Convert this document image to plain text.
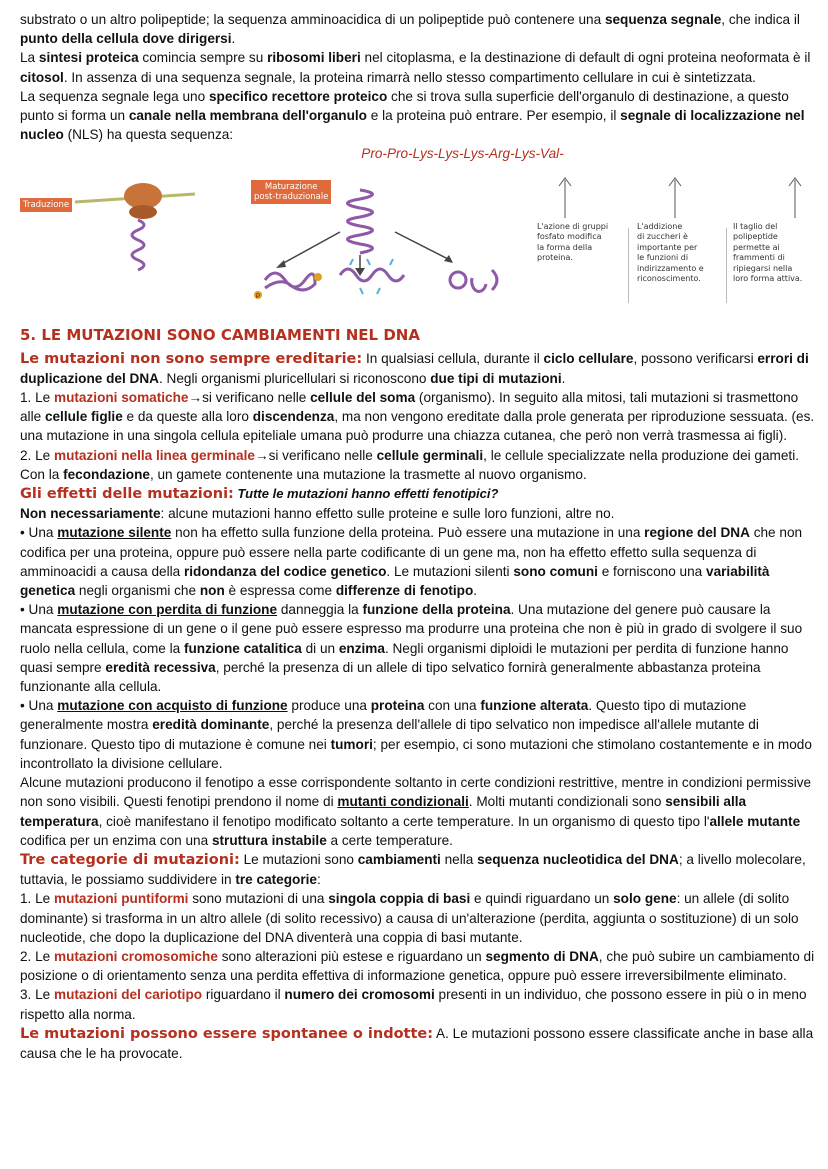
substrato o un altro polipeptide; la sequenza amminoacidica di un polipeptide può contenere una sequenza segnale, che indica il punto della cellula dove dirigersi.

La sintesi proteica comincia sempre su ribosomi liberi nel citoplasma, e la destinazione di default di ogni proteina neoformata è il citosol. In assenza di una sequenza segnale, la proteina rimarrà nello stesso compartimento cellulare in cui è sintetizzata.

La sequenza segnale lega uno specifico recettore proteico che si trova sulla superficie dell'organulo di destinazione, a questo punto si forma un canale nella membrana dell'organulo e la proteina può entrare. Per esempio, il segnale di localizzazione nel nucleo (NLS) ha questa sequenza:

Pro-Pro-Lys-Lys-Lys-Arg-Lys-Val-

Traduzione
Maturazione
post-traduzionale
P
L'azione di gruppi
fosfato modifica
la forma della
proteina.
L'addizione
di zuccheri è
importante per
le funzioni di
indirizzamento e
riconoscimento.
Il taglio del
polipeptide
permette ai
frammenti di
ripiegarsi nella
loro forma attiva.
5. LE MUTAZIONI SONO CAMBIAMENTI NEL DNA

Le mutazioni non sono sempre ereditarie: In qualsiasi cellula, durante il ciclo cellulare, possono verificarsi errori di duplicazione del DNA. Negli organismi pluricellulari si riconoscono due tipi di mutazioni.

1. Le mutazioni somatiche→si verificano nelle cellule del soma (organismo). In seguito alla mitosi, tali mutazioni si trasmettono alle cellule figlie e da queste alla loro discendenza, ma non vengono ereditate dalla prole generata per riproduzione sessuata. (es. una mutazione in una singola cellula epiteliale umana può produrre una chiazza cutanea, che però non verrà trasmessa ai figli).

2. Le mutazioni nella linea germinale→si verificano nelle cellule germinali, le cellule specializzate nella produzione dei gameti. Con la fecondazione, un gamete contenente una mutazione la trasmette al nuovo organismo.

Gli effetti delle mutazioni: Tutte le mutazioni hanno effetti fenotipici?

Non necessariamente: alcune mutazioni hanno effetto sulle proteine e sulle loro funzioni, altre no.

• Una mutazione silente non ha effetto sulla funzione della proteina. Può essere una mutazione in una regione del DNA che non codifica per una proteina, oppure può essere nella parte codificante di un gene ma, non ha effetto effetto sulla sequenza di amminoacidi a causa della ridondanza del codice genetico. Le mutazioni silenti sono comuni e forniscono una variabilità genetica negli organismi che non è espressa come differenze di fenotipo.

• Una mutazione con perdita di funzione danneggia la funzione della proteina. Una mutazione del genere può causare la mancata espressione di un gene o il gene può essere espresso ma produrre una proteina che non è più in grado di svolgere il suo ruolo nella cellula, come la funzione catalitica di un enzima. Negli organismi diploidi le mutazioni per perdita di funzione hanno quasi sempre eredità recessiva, perché la presenza di un allele di tipo selvatico fornirà generalmente abbastanza proteina funzionante alla cellula.

• Una mutazione con acquisto di funzione produce una proteina con una funzione alterata. Questo tipo di mutazione generalmente mostra eredità dominante, perché la presenza dell'allele di tipo selvatico non impedisce all'allele mutante di funzionare. Questo tipo di mutazione è comune nei tumori; per esempio, ci sono mutazioni che stimolano costantemente e in modo incontrollato la divisione cellulare.

Alcune mutazioni producono il fenotipo a esse corrispondente soltanto in certe condizioni restrittive, mentre in condizioni permissive non sono visibili. Questi fenotipi prendono il nome di mutanti condizionali. Molti mutanti condizionali sono sensibili alla temperatura, cioè manifestano il fenotipo modificato soltanto a certe temperature. In un organismo di questo tipo l'allele mutante codifica per un enzima con una struttura instabile a certe temperature.

Tre categorie di mutazioni: Le mutazioni sono cambiamenti nella sequenza nucleotidica del DNA; a livello molecolare, tuttavia, le possiamo suddividere in tre categorie:

1. Le mutazioni puntiformi sono mutazioni di una singola coppia di basi e quindi riguardano un solo gene: un allele (di solito dominante) si trasforma in un altro allele (di solito recessivo) a causa di un'alterazione (perdita, aggiunta o sostituzione) di un solo nucleotide, che dopo la duplicazione del DNA diventerà una coppia di basi mutante.

2. Le mutazioni cromosomiche sono alterazioni più estese e riguardano un segmento di DNA, che può subire un cambiamento di posizione o di orientamento senza una perdita effettiva di informazione genetica, oppure può essere irreversibilmente eliminato.

3. Le mutazioni del cariotipo riguardano il numero dei cromosomi presenti in un individuo, che possono essere in più o in meno rispetto alla norma.

Le mutazioni possono essere spontanee o indotte: A. Le mutazioni possono essere classificate anche in base alla causa che le ha provocate.
